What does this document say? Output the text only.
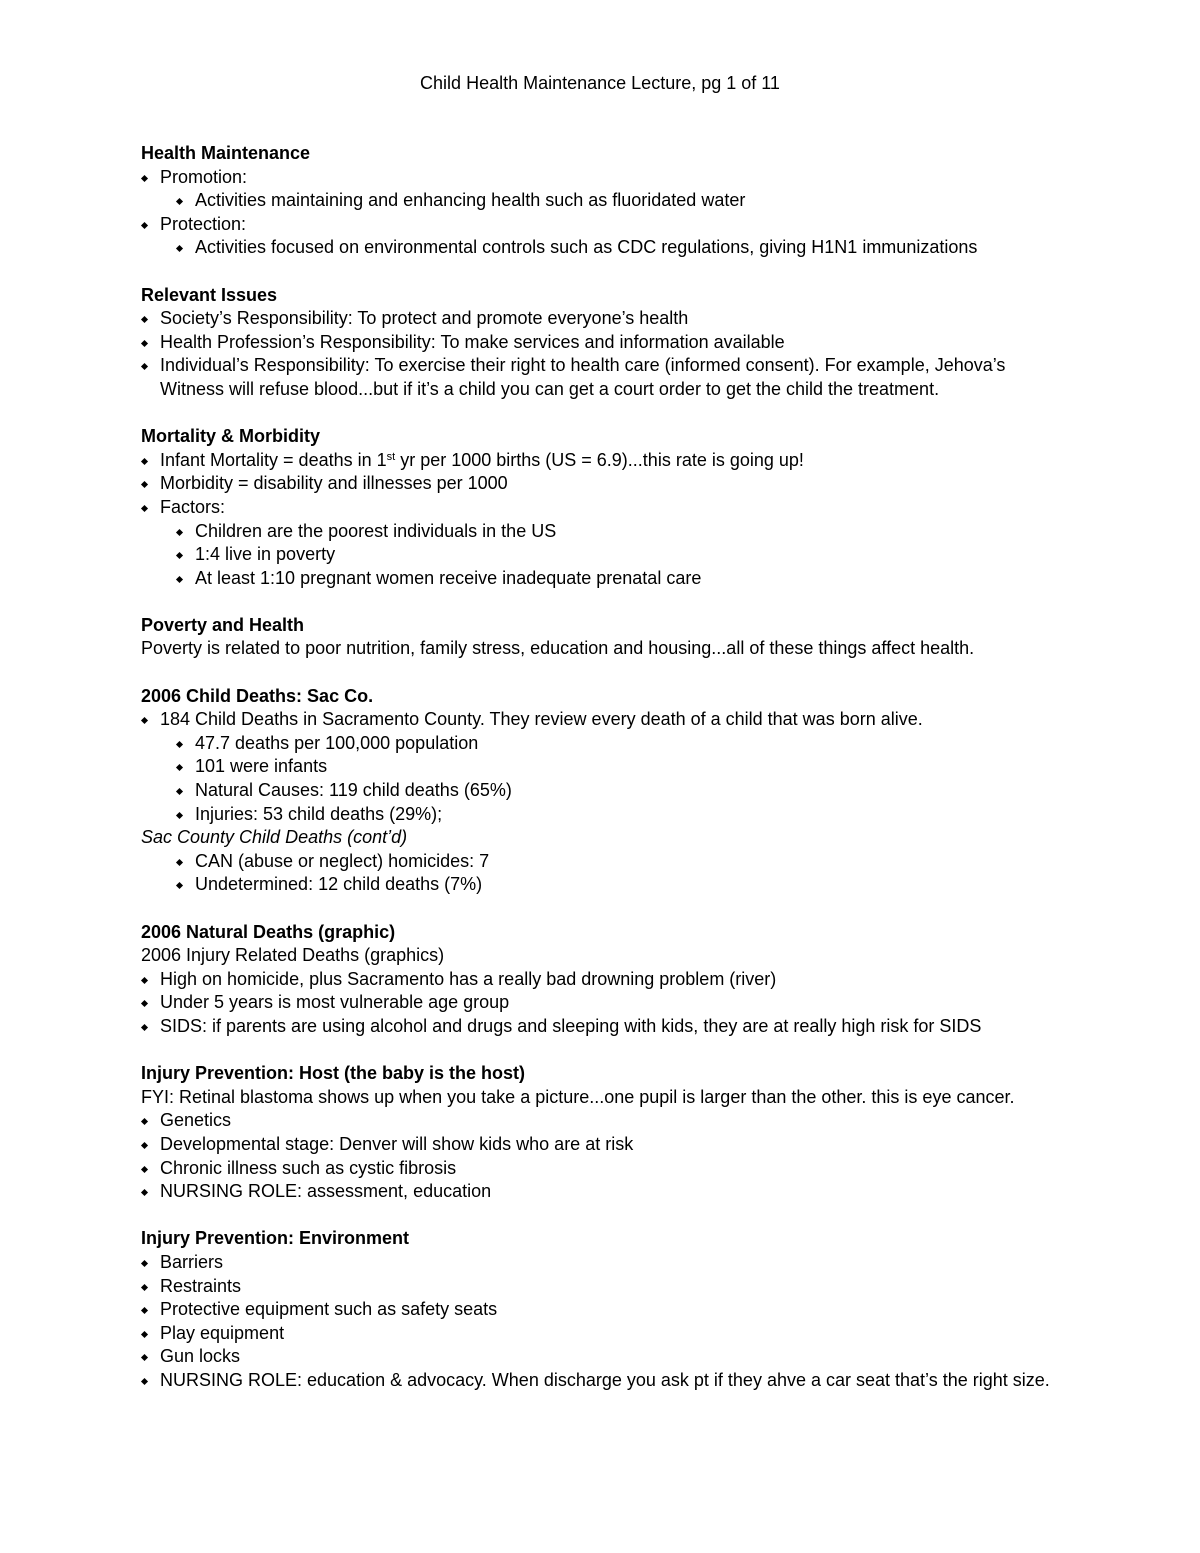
Child Health Maintenance Lecture, pg 1 of 11

Health Maintenance

Promotion:
Activities maintaining and enhancing health such as fluoridated water
Protection:
Activities focused on environmental controls such as CDC regulations, giving H1N1 immunizations

Relevant Issues

Society’s Responsibility: To protect and promote everyone’s health
Health Profession’s Responsibility: To make services and information available
Individual’s Responsibility: To exercise their right to health care (informed consent). For example, Jehova’s Witness will refuse blood...but if it’s a child you can get a court order to get the child the treatment.

Mortality & Morbidity

Infant Mortality = deaths in 1st yr per 1000 births (US = 6.9)...this rate is going up!
Morbidity = disability and illnesses per 1000
Factors:
Children are the poorest individuals in the US
1:4 live in poverty
At least 1:10 pregnant women receive inadequate prenatal care

Poverty and Health

Poverty is related to poor nutrition, family stress, education and housing...all of these things affect health.

2006 Child Deaths: Sac Co.

184 Child Deaths in Sacramento County. They review every death of a child that was born alive.
47.7 deaths per 100,000 population
101 were infants
Natural Causes: 119 child deaths (65%)
Injuries: 53 child deaths (29%);

Sac County Child Deaths (cont’d)

CAN (abuse or neglect) homicides: 7
Undetermined: 12 child deaths (7%)

2006 Natural Deaths (graphic)

2006 Injury Related Deaths (graphics)

High on homicide, plus Sacramento has a really bad drowning problem (river)
Under 5 years is most vulnerable age group
SIDS: if parents are using alcohol and drugs and sleeping with kids, they are at really high risk for SIDS

Injury Prevention: Host (the baby is the host)

FYI: Retinal blastoma shows up when you take a picture...one pupil is larger than the other. this is eye cancer.

Genetics
Developmental stage: Denver will show kids who are at risk
Chronic illness such as cystic fibrosis
NURSING ROLE: assessment, education

Injury Prevention: Environment

Barriers
Restraints
Protective equipment such as safety seats
Play equipment
Gun locks
NURSING ROLE: education & advocacy. When discharge you ask pt if they ahve a car seat that’s the right size.
